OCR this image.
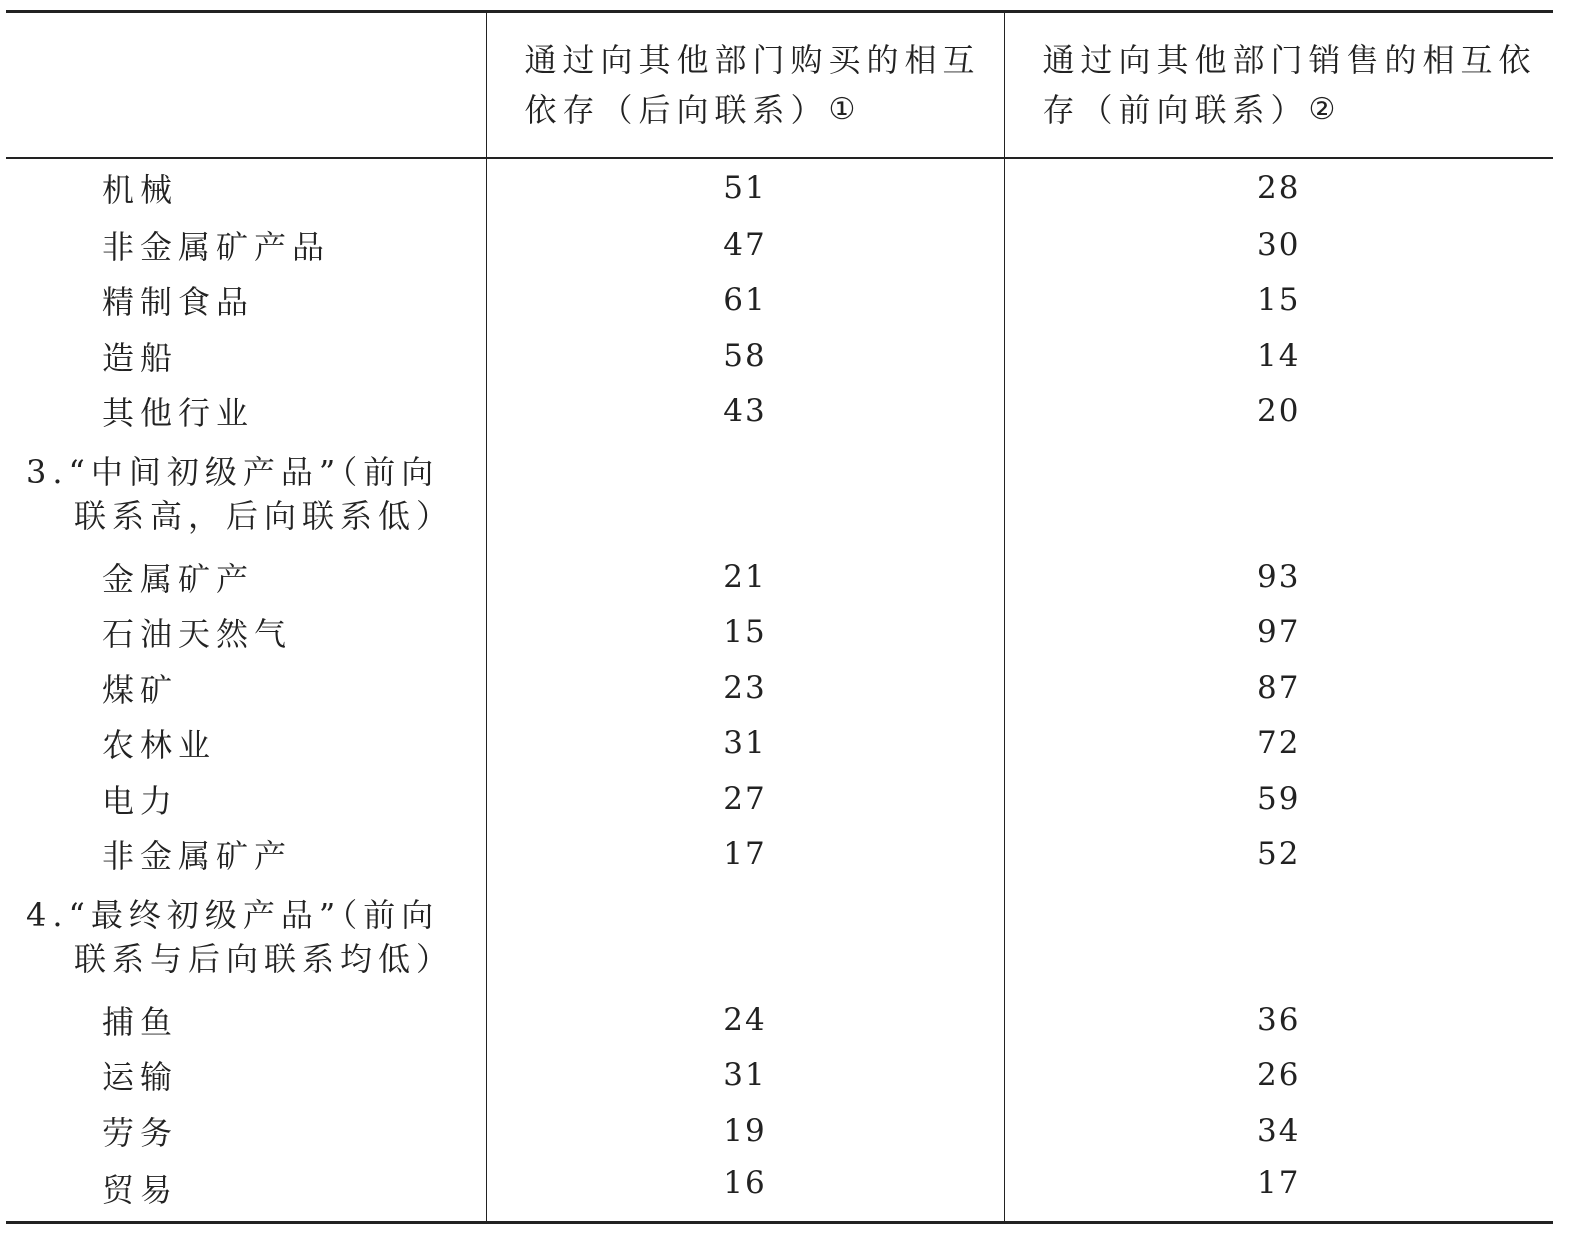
	通过向其他部门购买的相互依存（后向联系）①	通过向其他部门销售的相互依存（前向联系）②
机械	51	28
非金属矿产品	47	30
精制食品	61	15
造船	58	14
其他行业	43	20
3.“中间初级产品”（前向
联系高，后向联系低）		

金属矿产	21	93
石油天然气	15	97
煤矿	23	87
农林业	31	72
电力	27	59
非金属矿产	17	52
4.“最终初级产品”（前向
联系与后向联系均低）		

捕鱼	24	36
运输	31	26
劳务	19	34
贸易	16	17
